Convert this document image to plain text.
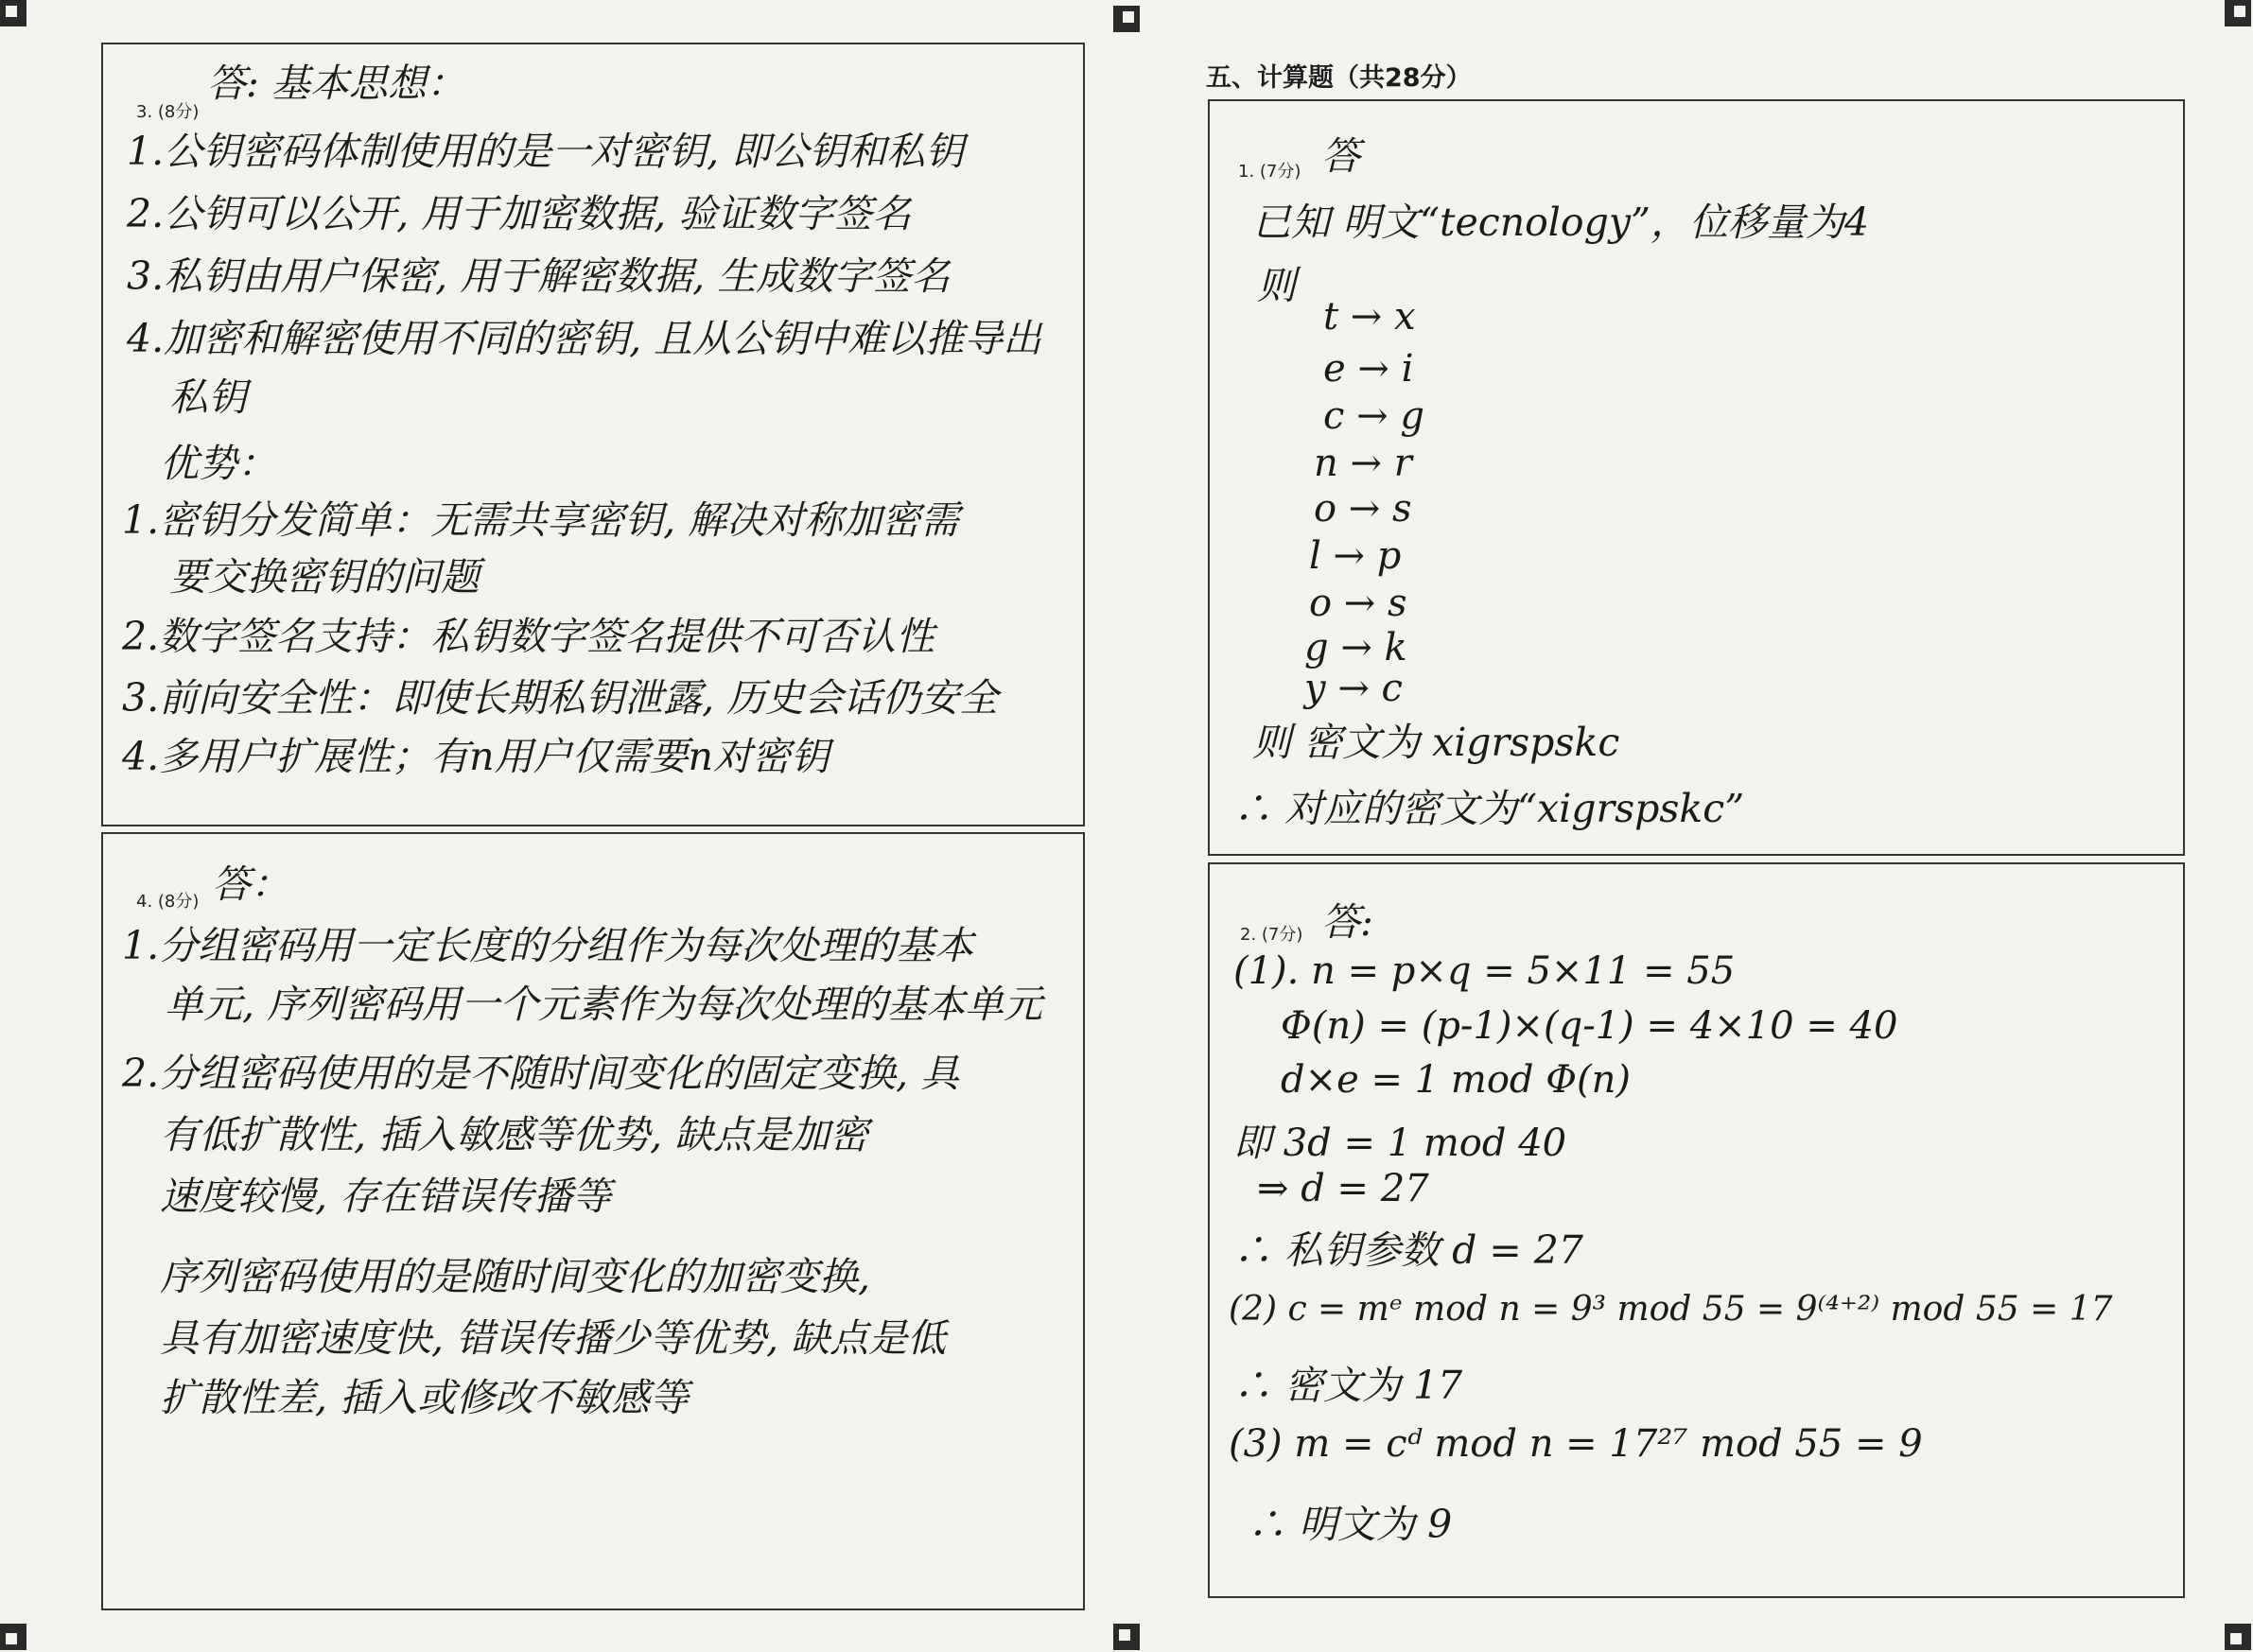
五、计算题（共28分）
3. (8分)
答: 基本思想：
1.公钥密码体制使用的是一对密钥, 即公钥和私钥
2.公钥可以公开, 用于加密数据, 验证数字签名
3.私钥由用户保密, 用于解密数据, 生成数字签名
4.加密和解密使用不同的密钥, 且从公钥中难以推导出
私钥
优势：
1.密钥分发简单：无需共享密钥, 解决对称加密需
要交换密钥的问题
2.数字签名支持：私钥数字签名提供不可否认性
3.前向安全性：即使长期私钥泄露, 历史会话仍安全
4.多用户扩展性；有n用户仅需要n对密钥
4. (8分) 答：
1.分组密码用一定长度的分组作为每次处理的基本
单元, 序列密码用一个元素作为每次处理的基本单元
2.分组密码使用的是不随时间变化的固定变换, 具
有低扩散性, 插入敏感等优势, 缺点是加密
速度较慢, 存在错误传播等
序列密码使用的是随时间变化的加密变换,
具有加密速度快, 错误传播少等优势, 缺点是低
扩散性差, 插入或修改不敏感等
1. (7分) 答
已知 明文“tecnology”，位移量为4
则
t → x
e → i
c → g
n → r
o → s
l → p
o → s
g → k
y → c
则 密文为 xigrspskc
∴ 对应的密文为“xigrspskc”
2. (7分) 答:
(1). n = p×q = 5×11 = 55
Φ(n) = (p-1)×(q-1) = 4×10 = 40
d×e = 1 mod Φ(n)
即 3d = 1 mod 40
⇒ d = 27
∴ 私钥参数 d = 27
(2) c = mᵉ mod n = 9³ mod 55 = 9⁽⁴⁺²⁾ mod 55 = 17
∴ 密文为 17
(3) m = cᵈ mod n = 17²⁷ mod 55 = 9
∴ 明文为 9
